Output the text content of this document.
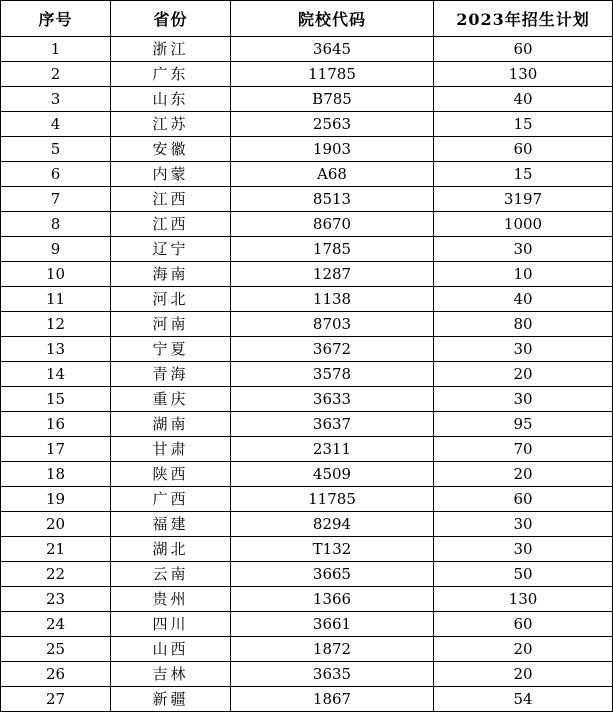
序号	省份	院校代码	2023年招生计划
1	浙江	3645	60
2	广东	11785	130
3	山东	B785	40
4	江苏	2563	15
5	安徽	1903	60
6	内蒙	A68	15
7	江西	8513	3197
8	江西	8670	1000
9	辽宁	1785	30
10	海南	1287	10
11	河北	1138	40
12	河南	8703	80
13	宁夏	3672	30
14	青海	3578	20
15	重庆	3633	30
16	湖南	3637	95
17	甘肃	2311	70
18	陕西	4509	20
19	广西	11785	60
20	福建	8294	30
21	湖北	T132	30
22	云南	3665	50
23	贵州	1366	130
24	四川	3661	60
25	山西	1872	20
26	吉林	3635	20
27	新疆	1867	54
